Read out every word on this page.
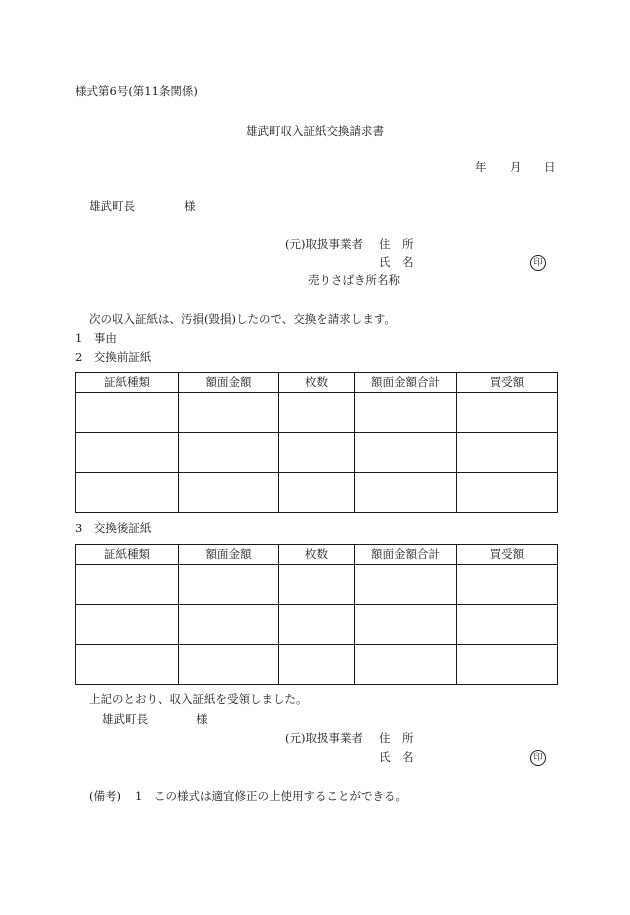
様式第6号(第11条関係)
雄武町収入証紙交換請求書
年 月 日
雄武町長	様
(元)取扱事業者 住　所
氏　名	印
売りさばき所名称
次の収入証紙は、汚損(毀損)したので、交換を請求します。
1　事由
2　交換前証紙
証紙種類	額面金額	枚数	額面金額合計	買受額

3　交換後証紙
証紙種類	額面金額	枚数	額面金額合計	買受額

上記のとおり、収入証紙を受領しました。
雄武町長	様
(元)取扱事業者 住　所
氏　名	印
(備考) 1 この様式は適宜修正の上使用することができる。
